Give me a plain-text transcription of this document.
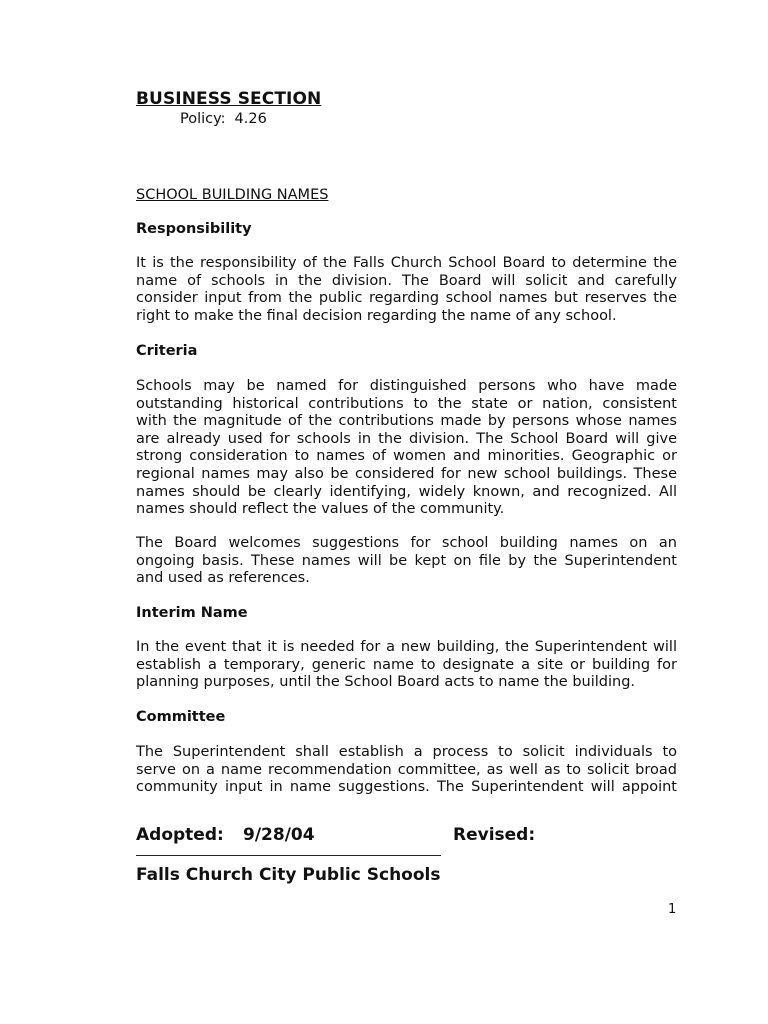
BUSINESS SECTION
Policy: 4.26
SCHOOL BUILDING NAMES
Responsibility

It is the responsibility of the Falls Church School Board to determine the
name of schools in the division. The Board will solicit and carefully
consider input from the public regarding school names but reserves the
right to make the final decision regarding the name of any school.

Criteria

Schools may be named for distinguished persons who have made
outstanding historical contributions to the state or nation, consistent
with the magnitude of the contributions made by persons whose names
are already used for schools in the division. The School Board will give
strong consideration to names of women and minorities. Geographic or
regional names may also be considered for new school buildings. These
names should be clearly identifying, widely known, and recognized. All
names should reflect the values of the community.

The Board welcomes suggestions for school building names on an
ongoing basis. These names will be kept on file by the Superintendent
and used as references.

Interim Name

In the event that it is needed for a new building, the Superintendent will
establish a temporary, generic name to designate a site or building for
planning purposes, until the School Board acts to name the building.

Committee

The Superintendent shall establish a process to solicit individuals to
serve on a name recommendation committee, as well as to solicit broad
community input in name suggestions. The Superintendent will appoint

Adopted: 9/28/04	Revised:
Falls Church City Public Schools
1
